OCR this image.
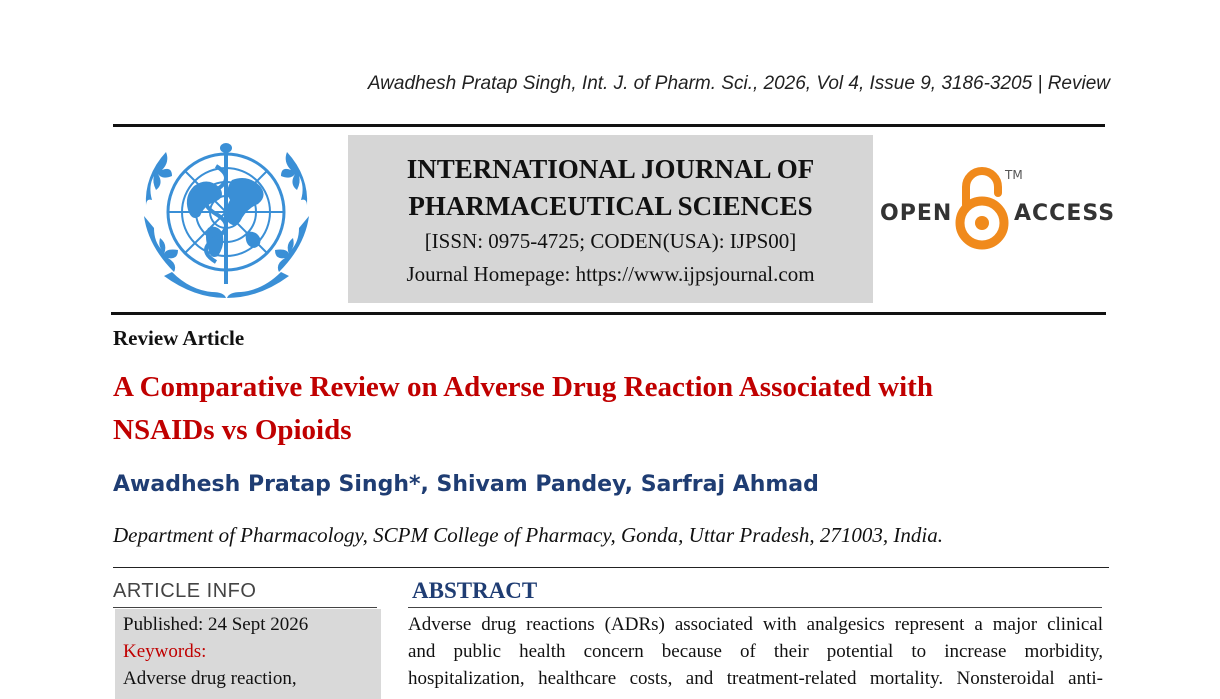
Awadhesh Pratap Singh, Int. J. of Pharm. Sci., 2026, Vol 4, Issue 9, 3186-3205 | Review
INTERNATIONAL JOURNAL OF
PHARMACEUTICAL SCIENCES
[ISSN: 0975-4725; CODEN(USA): IJPS00]
Journal Homepage: https://www.ijpsjournal.com
OPEN
TM
ACCESS
Review Article
A Comparative Review on Adverse Drug Reaction Associated with
NSAIDs vs Opioids
Awadhesh Pratap Singh*, Shivam Pandey, Sarfraj Ahmad
Department of Pharmacology, SCPM College of Pharmacy, Gonda, Uttar Pradesh, 271003, India.
ARTICLE INFO
Published: 24 Sept 2026
Keywords:
Adverse drug reaction,
ABSTRACT
Adverse drug reactions (ADRs) associated with analgesics represent a major clinical
and public health concern because of their potential to increase morbidity,
hospitalization, healthcare costs, and treatment-related mortality. Nonsteroidal anti-
